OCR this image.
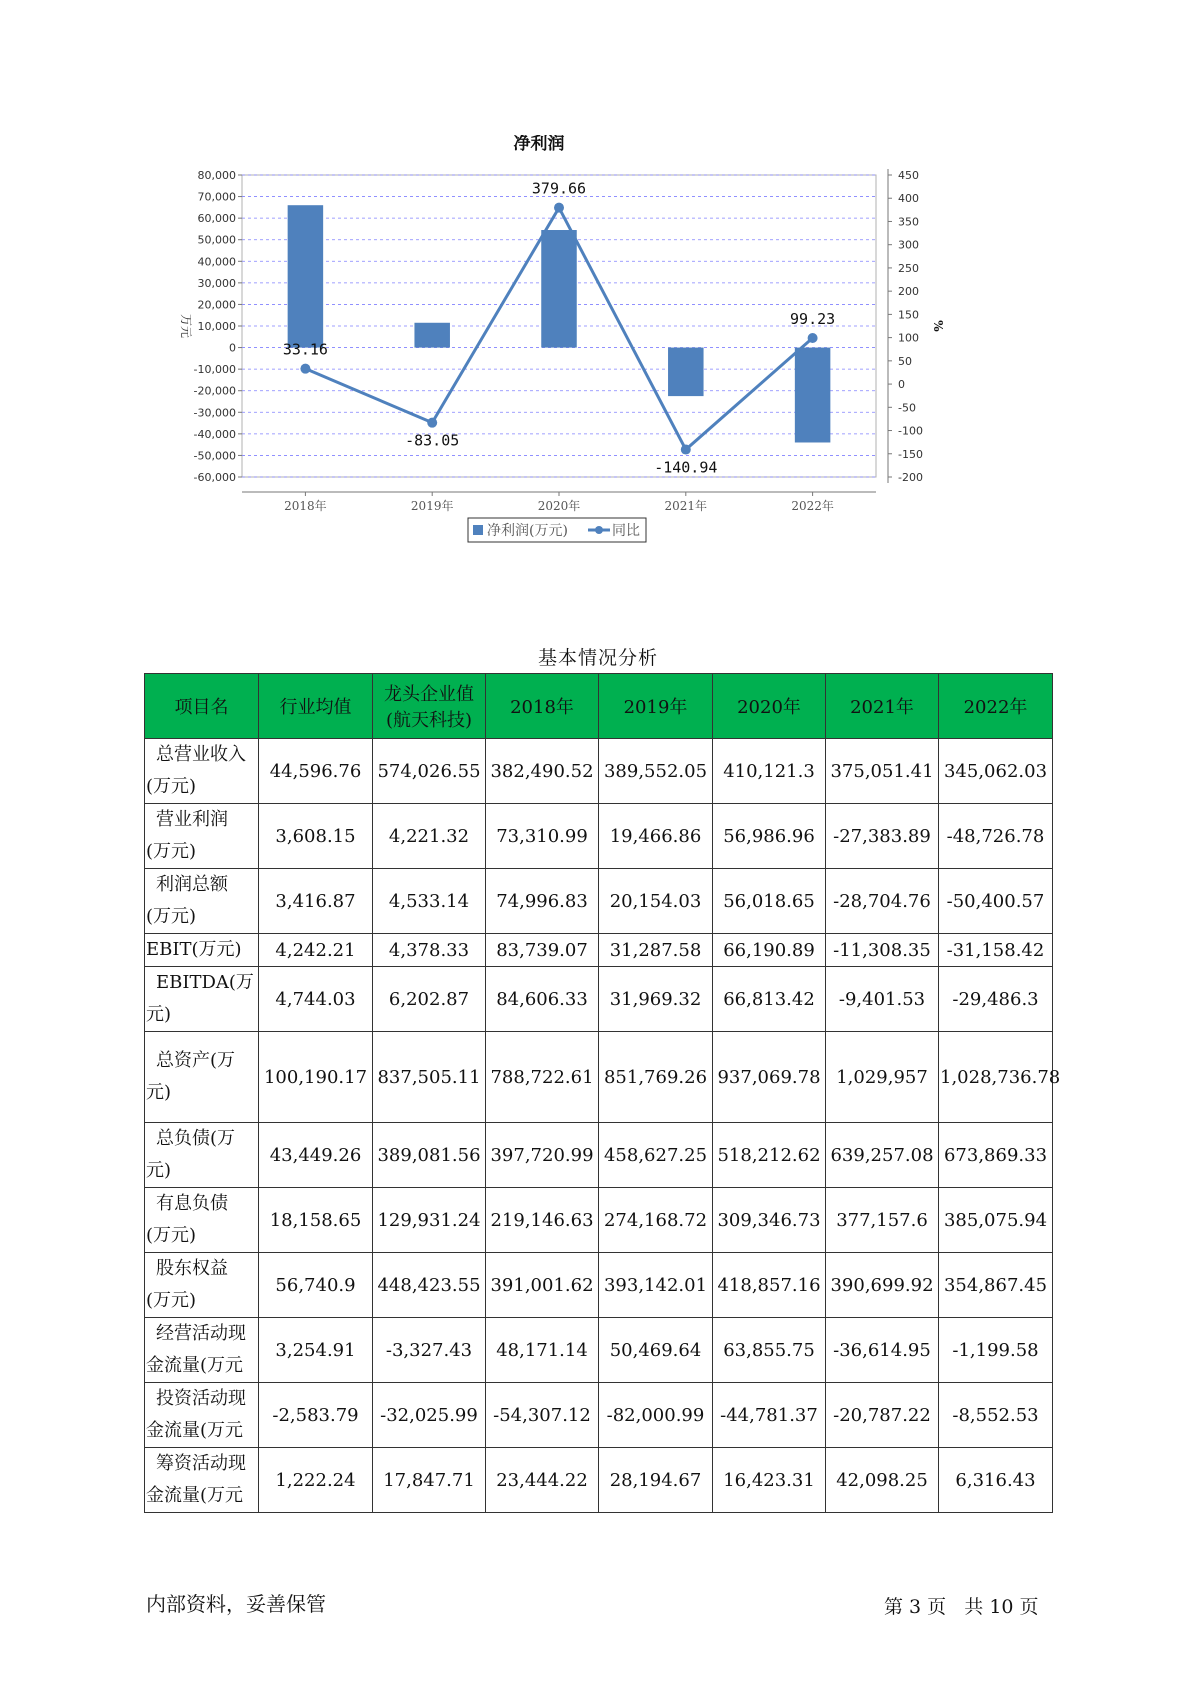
净利润
80,000
70,000
60,000
50,000
40,000
30,000
20,000
10,000
0
-10,000
-20,000
-30,000
-40,000
-50,000
-60,000
450
400
350
300
250
200
150
100
50
0
-50
-100
-150
-200
万元	%
2018年	2019年	2020年	2021年	2022年
33.16
-83.05
379.66
-140.94
99.23
净利润(万元)	同比
基本情况分析
项目名	行业均值	龙头企业值
(航天科技)	2018年	2019年	2020年	2021年	2022年

总营业收入
(万元)	44,596.76	574,026.55	382,490.52	389,552.05	410,121.3	375,051.41	345,062.03

营业利润
(万元)	3,608.15	4,221.32	73,310.99	19,466.86	56,986.96	-27,383.89	-48,726.78

利润总额
(万元)	3,416.87	4,533.14	74,996.83	20,154.03	56,018.65	-28,704.76	-50,400.57

EBIT(万元)	4,242.21	4,378.33	83,739.07	31,287.58	66,190.89	-11,308.35	-31,158.42

EBITDA(万
元)	4,744.03	6,202.87	84,606.33	31,969.32	66,813.42	-9,401.53	-29,486.3

总资产(万
元)	100,190.17	837,505.11	788,722.61	851,769.26	937,069.78	1,029,957	1,028,736.78

总负债(万
元)	43,449.26	389,081.56	397,720.99	458,627.25	518,212.62	639,257.08	673,869.33

有息负债
(万元)	18,158.65	129,931.24	219,146.63	274,168.72	309,346.73	377,157.6	385,075.94

股东权益
(万元)	56,740.9	448,423.55	391,001.62	393,142.01	418,857.16	390,699.92	354,867.45

经营活动现
金流量(万元	3,254.91	-3,327.43	48,171.14	50,469.64	63,855.75	-36,614.95	-1,199.58

投资活动现
金流量(万元	-2,583.79	-32,025.99	-54,307.12	-82,000.99	-44,781.37	-20,787.22	-8,552.53

筹资活动现
金流量(万元	1,222.24	17,847.71	23,444.22	28,194.67	16,423.31	42,098.25	6,316.43
内部资料，妥善保管	第 3 页   共 10 页
